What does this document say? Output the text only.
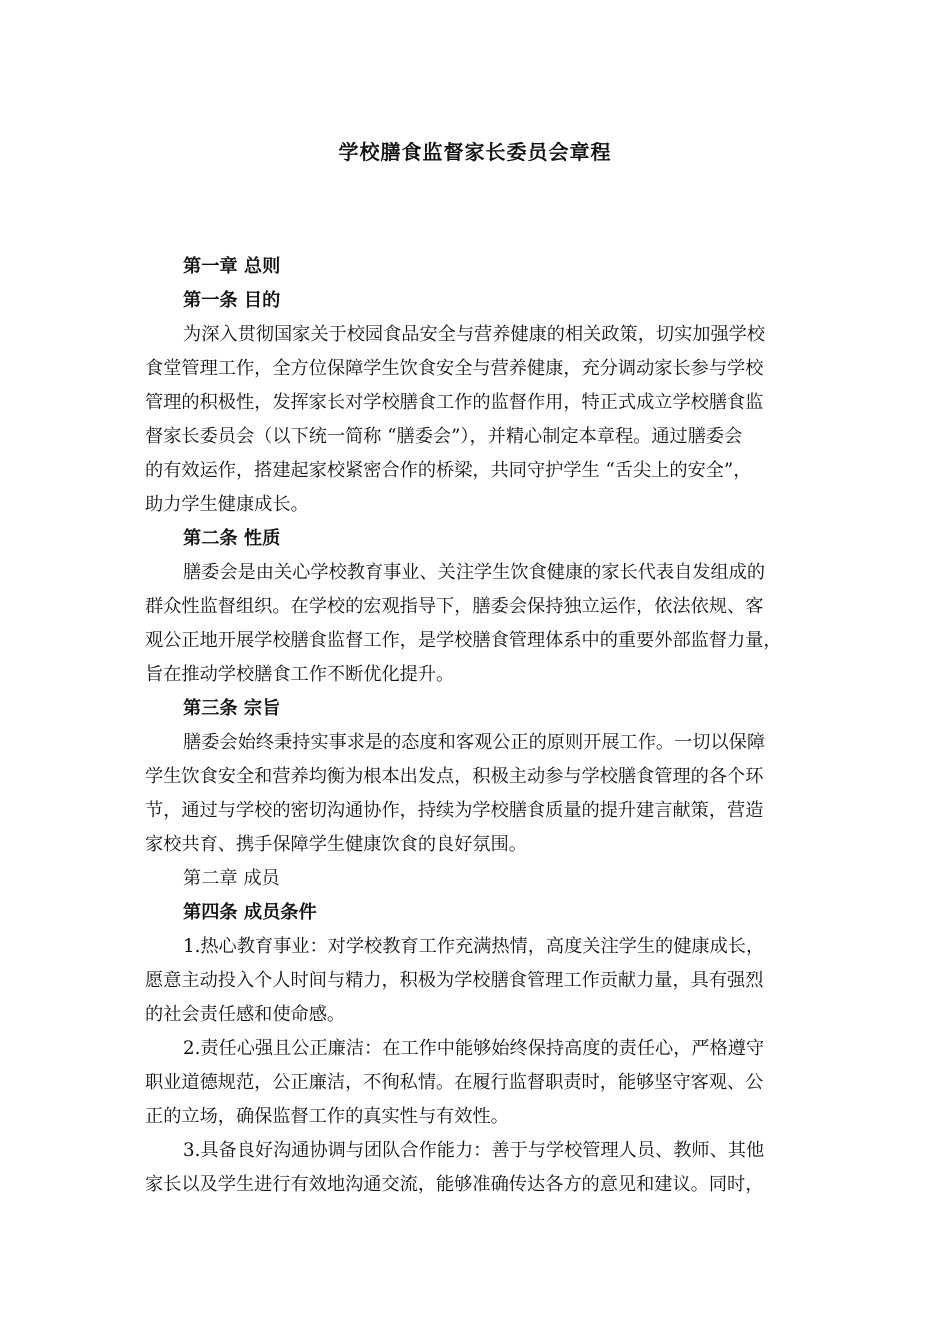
学校膳食监督家长委员会章程
第一章 总则
第一条 目的
为深入贯彻国家关于校园食品安全与营养健康的相关政策，切实加强学校
食堂管理工作，全方位保障学生饮食安全与营养健康，充分调动家长参与学校
管理的积极性，发挥家长对学校膳食工作的监督作用，特正式成立学校膳食监
督家长委员会（以下统一简称 “膳委会”），并精心制定本章程。通过膳委会
的有效运作，搭建起家校紧密合作的桥梁，共同守护学生 “舌尖上的安全”，
助力学生健康成长。
第二条 性质
膳委会是由关心学校教育事业、关注学生饮食健康的家长代表自发组成的
群众性监督组织。在学校的宏观指导下，膳委会保持独立运作，依法依规、客
观公正地开展学校膳食监督工作，是学校膳食管理体系中的重要外部监督力量，
旨在推动学校膳食工作不断优化提升。
第三条 宗旨
膳委会始终秉持实事求是的态度和客观公正的原则开展工作。一切以保障
学生饮食安全和营养均衡为根本出发点，积极主动参与学校膳食管理的各个环
节，通过与学校的密切沟通协作，持续为学校膳食质量的提升建言献策，营造
家校共育、携手保障学生健康饮食的良好氛围。
第二章 成员
第四条 成员条件
1.热心教育事业：对学校教育工作充满热情，高度关注学生的健康成长，
愿意主动投入个人时间与精力，积极为学校膳食管理工作贡献力量，具有强烈
的社会责任感和使命感。
2.责任心强且公正廉洁：在工作中能够始终保持高度的责任心，严格遵守
职业道德规范，公正廉洁，不徇私情。在履行监督职责时，能够坚守客观、公
正的立场，确保监督工作的真实性与有效性。
3.具备良好沟通协调与团队合作能力：善于与学校管理人员、教师、其他
家长以及学生进行有效地沟通交流，能够准确传达各方的意见和建议。同时，
